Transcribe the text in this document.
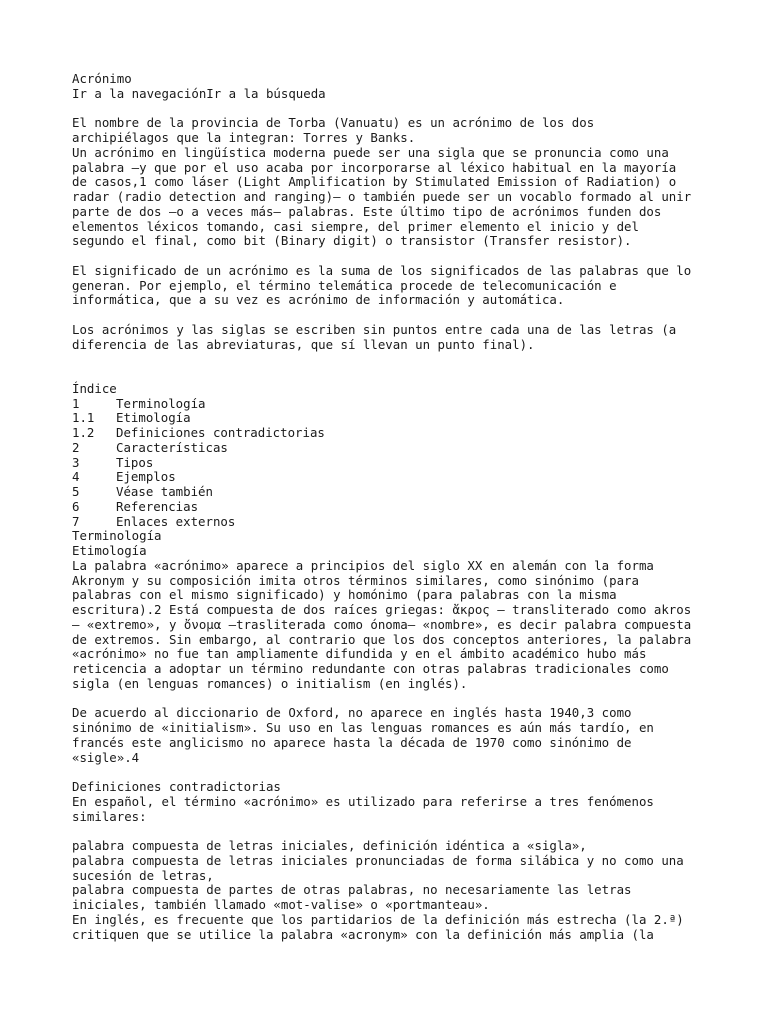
Acrónimo
Ir a la navegaciónIr a la búsqueda
El nombre de la provincia de Torba (Vanuatu) es un acrónimo de los dos
archipiélagos que la integran: Torres y Banks.
Un acrónimo en lingüística moderna puede ser una sigla que se pronuncia como una
palabra —y que por el uso acaba por incorporarse al léxico habitual en la mayoría
de casos,1 como láser (Light Amplification by Stimulated Emission of Radiation) o
radar (radio detection and ranging)— o también puede ser un vocablo formado al unir
parte de dos —o a veces más— palabras. Este último tipo de acrónimos funden dos
elementos léxicos tomando, casi siempre, del primer elemento el inicio y del
segundo el final, como bit (Binary digit) o transistor (Transfer resistor).
El significado de un acrónimo es la suma de los significados de las palabras que lo
generan. Por ejemplo, el término telemática procede de telecomunicación e
informática, que a su vez es acrónimo de información y automática.
Los acrónimos y las siglas se escriben sin puntos entre cada una de las letras (a
diferencia de las abreviaturas, que sí llevan un punto final).
Índice
1	Terminología
1.1 Etimología
1.2 Definiciones contradictorias
2	Características
3	Tipos
4	Ejemplos
5	Véase también
6	Referencias
7	Enlaces externos
Terminología
Etimología
La palabra «acrónimo» aparece a principios del siglo XX en alemán con la forma
Akronym y su composición imita otros términos similares, como sinónimo (para
palabras con el mismo significado) y homónimo (para palabras con la misma
escritura).2 Está compuesta de dos raíces griegas: ἄκρος — transliterado como akros
— «extremo», y ὄνομα —trasliterada como ónoma— «nombre», es decir palabra compuesta
de extremos. Sin embargo, al contrario que los dos conceptos anteriores, la palabra
«acrónimo» no fue tan ampliamente difundida y en el ámbito académico hubo más
reticencia a adoptar un término redundante con otras palabras tradicionales como
sigla (en lenguas romances) o initialism (en inglés).
De acuerdo al diccionario de Oxford, no aparece en inglés hasta 1940,3 como
sinónimo de «initialism». Su uso en las lenguas romances es aún más tardío, en
francés este anglicismo no aparece hasta la década de 1970 como sinónimo de
«sigle».4
Definiciones contradictorias
En español, el término «acrónimo» es utilizado para referirse a tres fenómenos
similares:
palabra compuesta de letras iniciales, definición idéntica a «sigla»,
palabra compuesta de letras iniciales pronunciadas de forma silábica y no como una
sucesión de letras,
palabra compuesta de partes de otras palabras, no necesariamente las letras
iniciales, también llamado «mot-valise» o «portmanteau».
En inglés, es frecuente que los partidarios de la definición más estrecha (la 2.ª)
critiquen que se utilice la palabra «acronym» con la definición más amplia (la
